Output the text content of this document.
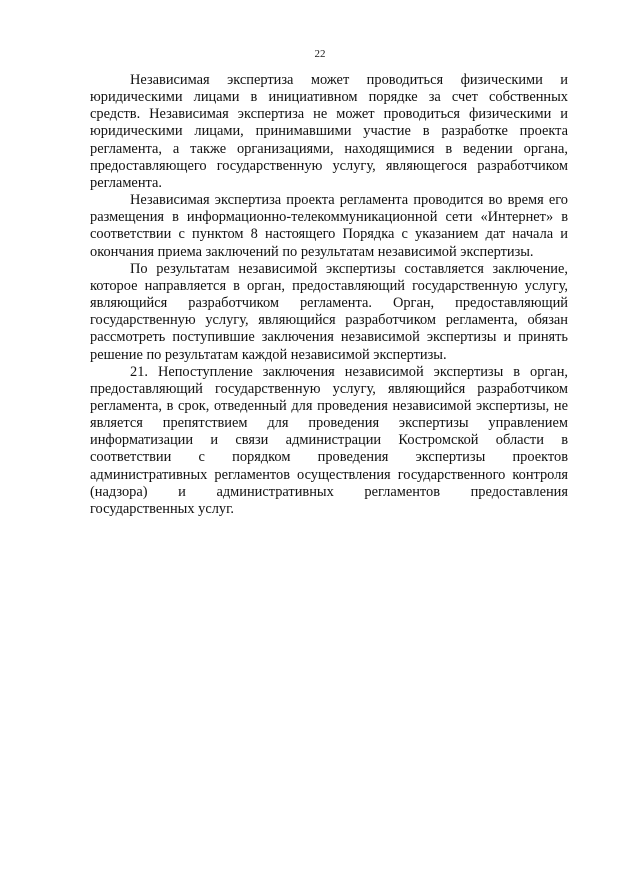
22

Независимая экспертиза может проводиться физическими и юридическими лицами в инициативном порядке за счет собственных средств. Независимая экспертиза не может проводиться физическими и юридическими лицами, принимавшими участие в разработке проекта регламента, а также организациями, находящимися в ведении органа, предоставляющего государственную услугу, являющегося разработчиком регламента.

Независимая экспертиза проекта регламента проводится во время его размещения в информационно-телекоммуникационной сети «Интернет» в соответствии с пунктом 8 настоящего Порядка с указанием дат начала и окончания приема заключений по результатам независимой экспертизы.

По результатам независимой экспертизы составляется заключение, которое направляется в орган, предоставляющий государственную услугу, являющийся разработчиком регламента. Орган, предоставляющий государственную услугу, являющийся разработчиком регламента, обязан рассмотреть поступившие заключения независимой экспертизы и принять решение по результатам каждой независимой экспертизы.

21. Непоступление заключения независимой экспертизы в орган, предоставляющий государственную услугу, являющийся разработчиком регламента, в срок, отведенный для проведения независимой экспертизы, не является препятствием для проведения экспертизы управлением информатизации и связи администрации Костромской области в соответствии с порядком проведения экспертизы проектов административных регламентов осуществления государственного контроля (надзора) и административных регламентов предоставления государственных услуг.
